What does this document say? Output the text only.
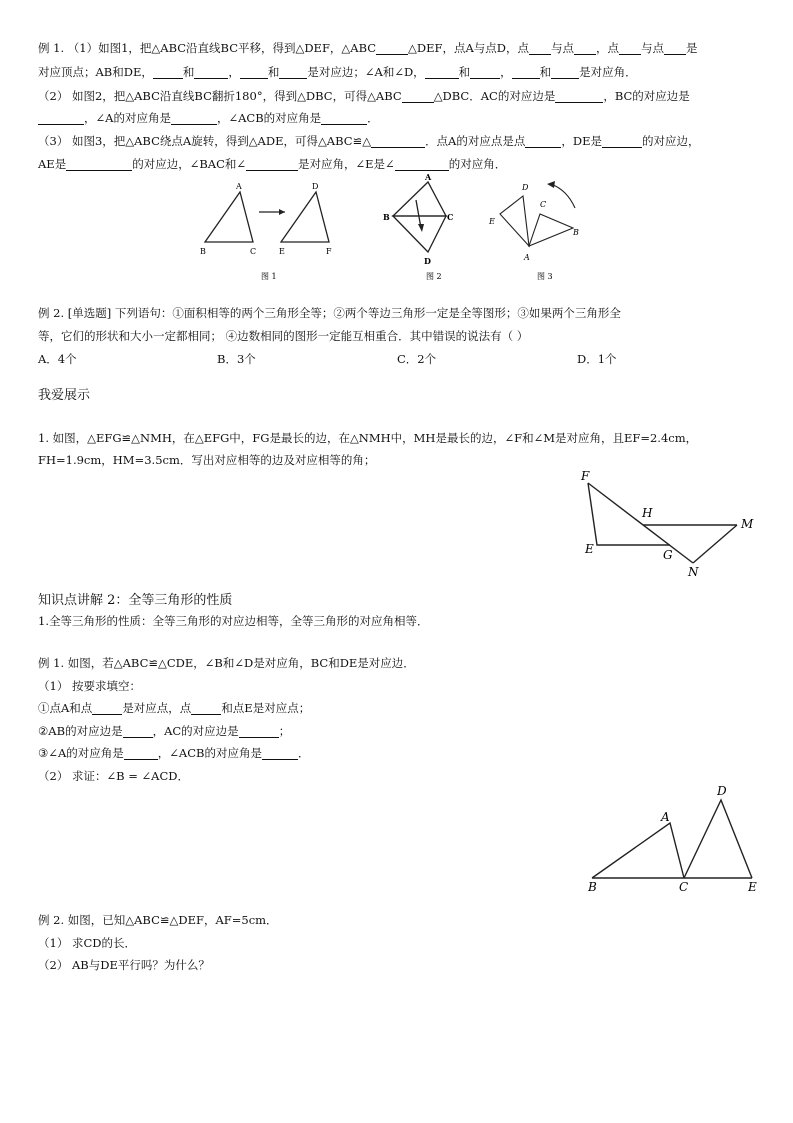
例 1. （1）如图1，把△ABC沿直线BC平移，得到△DEF，△ABC	△DEF，点A与点D，点 与点 ，点 与点 是
对应顶点；AB和DE，	和	， 和 是对应边；∠A和∠D，	和	， 和 是对应角．
（2） 如图2，把△ABC沿直线BC翻折180°，得到△DBC，可得△ABC	△DBC．AC的对应边是	，BC的对应边是
，∠A的对应角是	，∠ACB的对应角是	．
（3） 如图3，把△ABC绕点A旋转，得到△ADE，可得△ABC≌△	．点A的对应点是点	，DE是	的对应边，
AE是	的对应边，∠BAC和∠	是对应角，∠E是∠	的对应角．
A
B	C
D
E	F
图 1
A
B	C
D
图 2
D
E
C
B
A
图 3
例 2. [单选题] 下列语句：①面积相等的两个三角形全等；②两个等边三角形一定是全等图形；③如果两个三角形全
等，它们的形状和大小一定都相同； ④边数相同的图形一定能互相重合．其中错误的说法有（ ）
A．4个	B．3个	C．2个	D．1个
我爱展示
1. 如图，△EFG≌△NMH，在△EFG中，FG是最长的边，在△NMH中，MH是最长的边，∠F和∠M是对应角，且EF=2.4cm，
FH=1.9cm，HM=3.5cm．写出对应相等的边及对应相等的角；
F
E
H
G
M
N
知识点讲解 2：全等三角形的性质
1.全等三角形的性质：全等三角形的对应边相等，全等三角形的对应角相等．
例 1. 如图，若△ABC≌△CDE，∠B和∠D是对应角，BC和DE是对应边．
（1） 按要求填空：
①点A和点	是对应点，点	和点E是对应点；
②AB的对应边是	，AC的对应边是	；
③∠A的对应角是	，∠ACB的对应角是	．
（2） 求证：∠B = ∠ACD．
B
A
C
D
E
例 2. 如图，已知△ABC≌△DEF，AF=5cm．
（1） 求CD的长．
（2） AB与DE平行吗？为什么？
